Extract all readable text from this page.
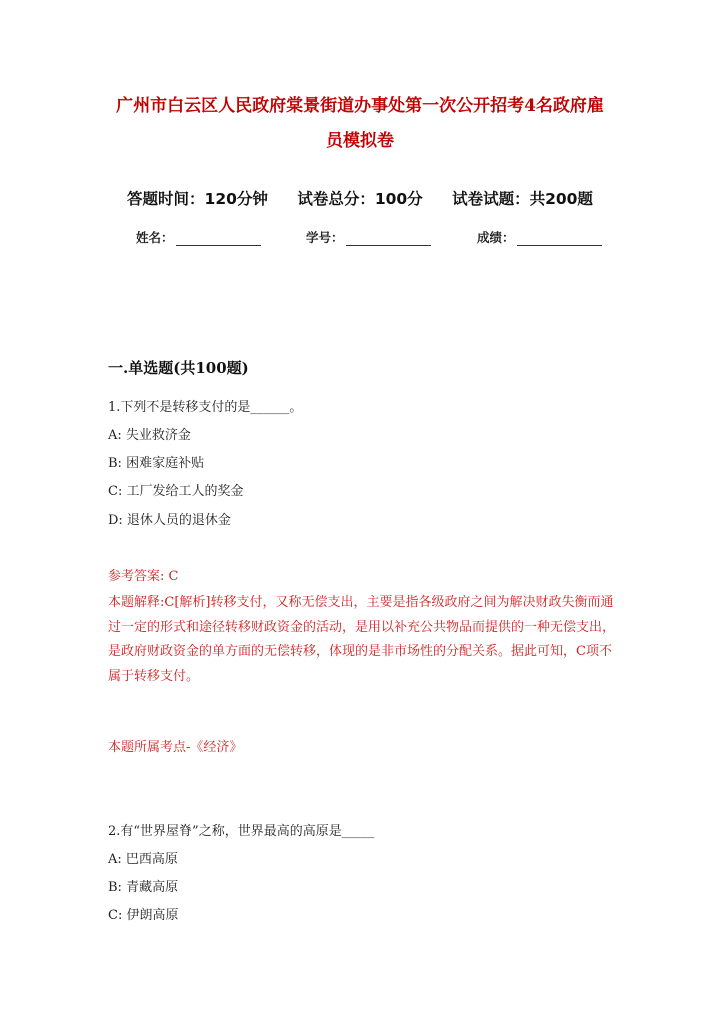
广州市白云区人民政府棠景街道办事处第一次公开招考4名政府雇
员模拟卷
答题时间：120分钟 试卷总分：100分 试卷试题：共200题
姓名：	学号：	成绩：
一.单选题(共100题)
1.下列不是转移支付的是______。
A: 失业救济金
B: 困难家庭补贴
C: 工厂发给工人的奖金
D: 退休人员的退休金
参考答案: C
本题解释:C[解析]转移支付，又称无偿支出，主要是指各级政府之间为解决财政失衡而通过一定的形式和途径转移财政资金的活动，是用以补充公共物品而提供的一种无偿支出，是政府财政资金的单方面的无偿转移，体现的是非市场性的分配关系。据此可知，C项不属于转移支付。
本题所属考点-《经济》
2.有“世界屋脊”之称，世界最高的高原是_____
A: 巴西高原
B: 青藏高原
C: 伊朗高原
